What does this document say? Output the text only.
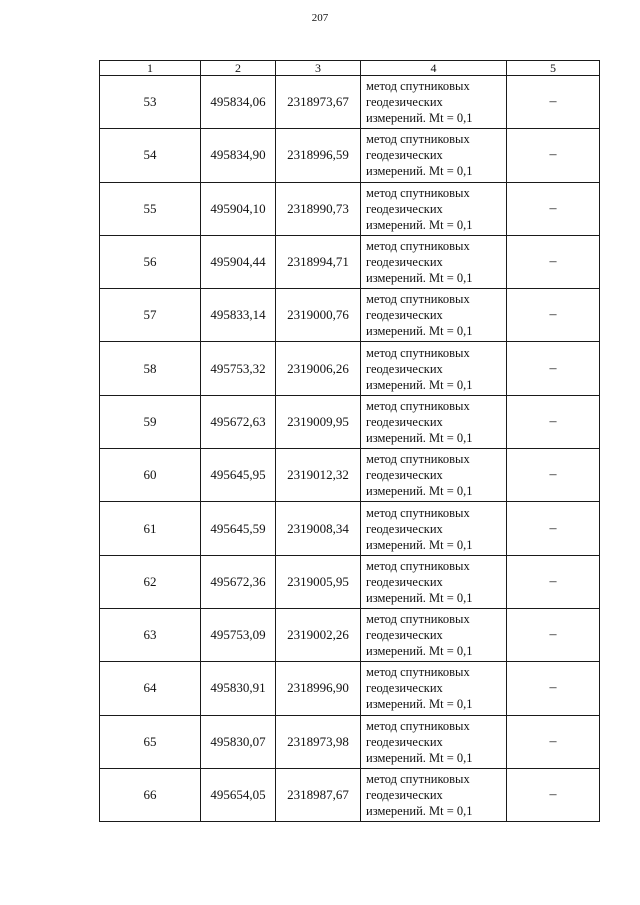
207
1	2	3	4	5
53	495834,06	2318973,67	метод спутниковых
геодезических
измерений. Mt = 0,1	–
54	495834,90	2318996,59	метод спутниковых
геодезических
измерений. Mt = 0,1	–
55	495904,10	2318990,73	метод спутниковых
геодезических
измерений. Mt = 0,1	–
56	495904,44	2318994,71	метод спутниковых
геодезических
измерений. Mt = 0,1	–
57	495833,14	2319000,76	метод спутниковых
геодезических
измерений. Mt = 0,1	–
58	495753,32	2319006,26	метод спутниковых
геодезических
измерений. Mt = 0,1	–
59	495672,63	2319009,95	метод спутниковых
геодезических
измерений. Mt = 0,1	–
60	495645,95	2319012,32	метод спутниковых
геодезических
измерений. Mt = 0,1	–
61	495645,59	2319008,34	метод спутниковых
геодезических
измерений. Mt = 0,1	–
62	495672,36	2319005,95	метод спутниковых
геодезических
измерений. Mt = 0,1	–
63	495753,09	2319002,26	метод спутниковых
геодезических
измерений. Mt = 0,1	–
64	495830,91	2318996,90	метод спутниковых
геодезических
измерений. Mt = 0,1	–
65	495830,07	2318973,98	метод спутниковых
геодезических
измерений. Mt = 0,1	–
66	495654,05	2318987,67	метод спутниковых
геодезических
измерений. Mt = 0,1	–
